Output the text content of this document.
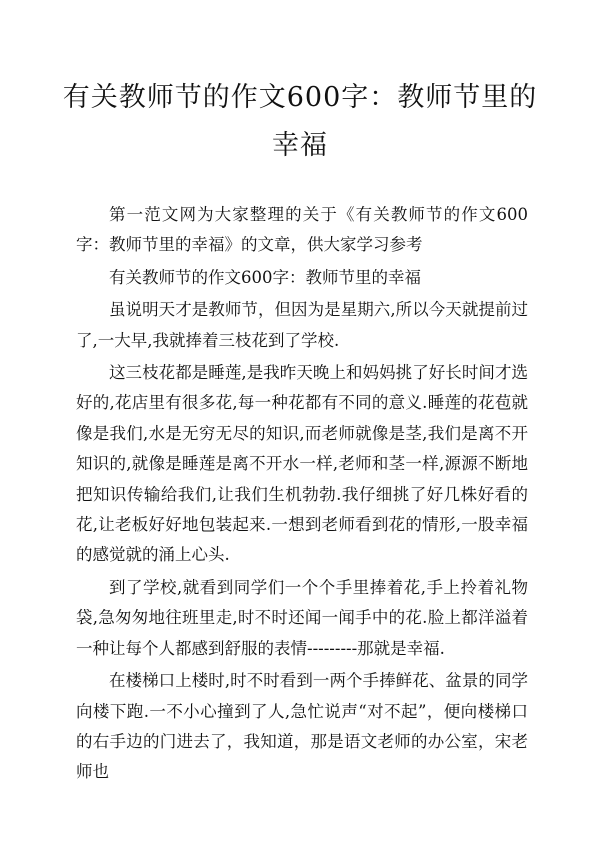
有关教师节的作文600字：教师节里的幸福

第一范文网为大家整理的关于《有关教师节的作文600字：教师节里的幸福》的文章，供大家学习参考

有关教师节的作文600字：教师节里的幸福

虽说明天才是教师节，但因为是星期六,所以今天就提前过了,一大早,我就捧着三枝花到了学校.

这三枝花都是睡莲,是我昨天晚上和妈妈挑了好长时间才选好的,花店里有很多花,每一种花都有不同的意义.睡莲的花苞就像是我们,水是无穷无尽的知识,而老师就像是茎,我们是离不开知识的,就像是睡莲是离不开水一样,老师和茎一样,源源不断地把知识传输给我们,让我们生机勃勃.我仔细挑了好几株好看的花,让老板好好地包装起来.一想到老师看到花的情形,一股幸福的感觉就的涌上心头.

到了学校,就看到同学们一个个手里捧着花,手上拎着礼物袋,急匆匆地往班里走,时不时还闻一闻手中的花.脸上都洋溢着一种让每个人都感到舒服的表情---------那就是幸福.

在楼梯口上楼时,时不时看到一两个手捧鲜花、盆景的同学向楼下跑.一不小心撞到了人,急忙说声“对不起”，便向楼梯口的右手边的门进去了，我知道，那是语文老师的办公室，宋老师也
